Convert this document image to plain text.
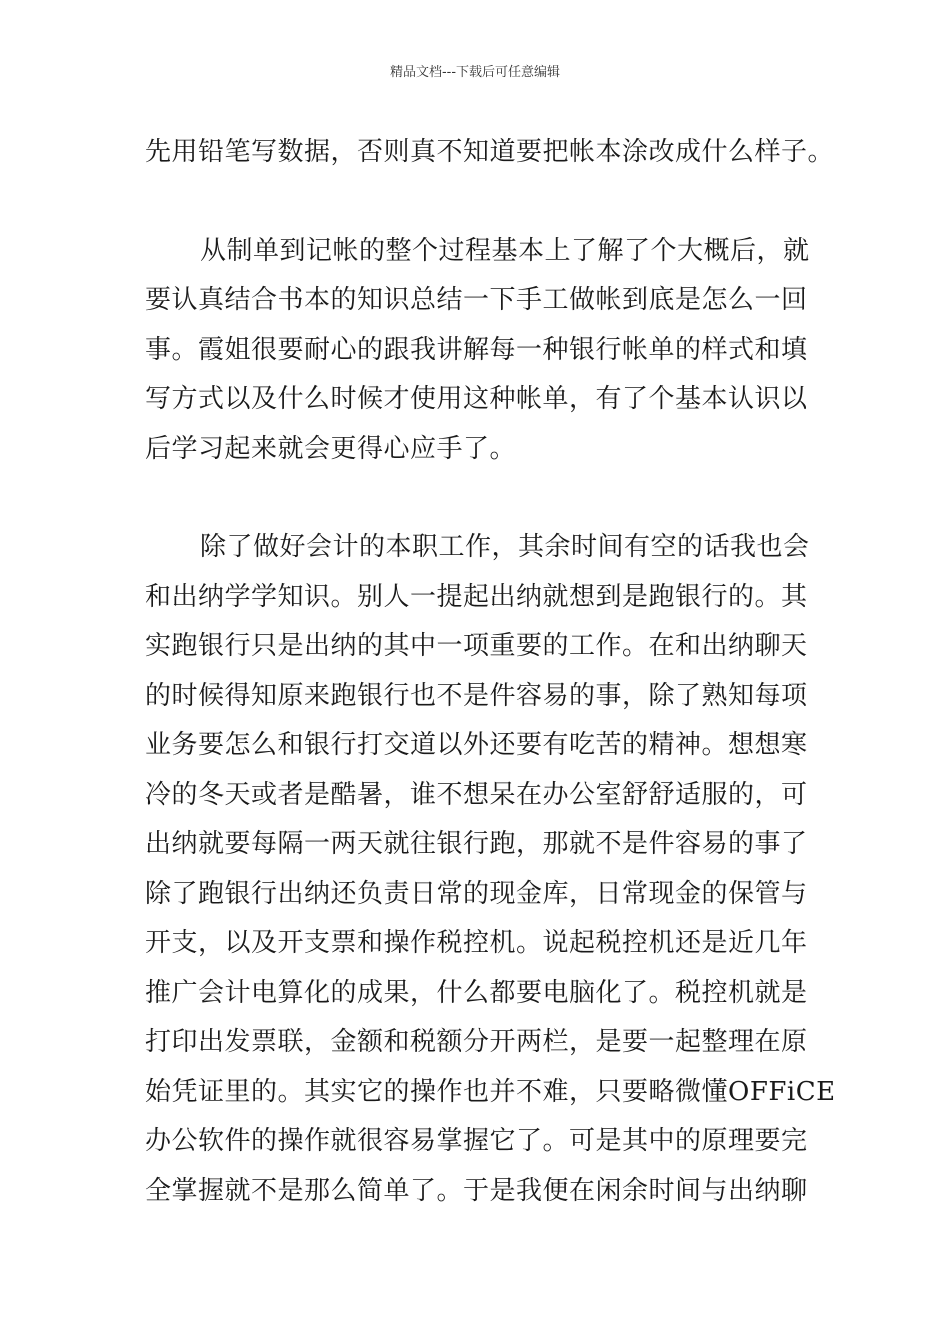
精品文档---下载后可任意编辑
先用铅笔写数据，否则真不知道要把帐本涂改成什么样子。
从制单到记帐的整个过程基本上了解了个大概后，就
要认真结合书本的知识总结一下手工做帐到底是怎么一回
事。霞姐很要耐心的跟我讲解每一种银行帐单的样式和填
写方式以及什么时候才使用这种帐单，有了个基本认识以
后学习起来就会更得心应手了。
除了做好会计的本职工作，其余时间有空的话我也会
和出纳学学知识。别人一提起出纳就想到是跑银行的。其
实跑银行只是出纳的其中一项重要的工作。在和出纳聊天
的时候得知原来跑银行也不是件容易的事，除了熟知每项
业务要怎么和银行打交道以外还要有吃苦的精神。想想寒
冷的冬天或者是酷暑，谁不想呆在办公室舒舒适服的，可
出纳就要每隔一两天就往银行跑，那就不是件容易的事了
除了跑银行出纳还负责日常的现金库，日常现金的保管与
开支，以及开支票和操作税控机。说起税控机还是近几年
推广会计电算化的成果，什么都要电脑化了。税控机就是
打印出发票联，金额和税额分开两栏，是要一起整理在原
始凭证里的。其实它的操作也并不难，只要略微懂OFFiCE
办公软件的操作就很容易掌握它了。可是其中的原理要完
全掌握就不是那么简单了。于是我便在闲余时间与出纳聊
